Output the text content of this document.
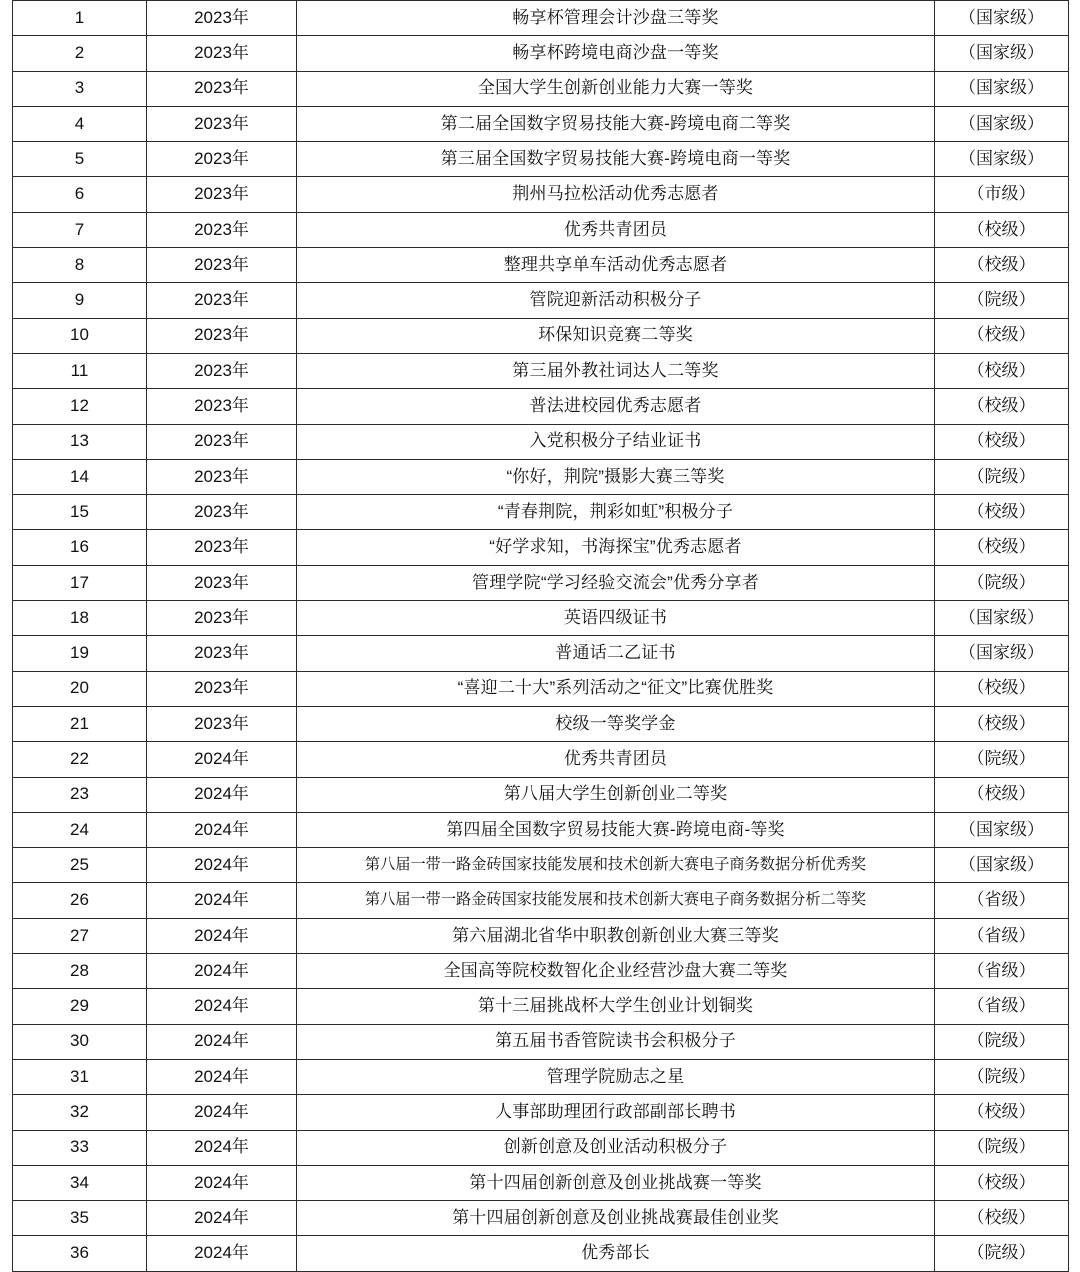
1	2023年	畅享杯管理会计沙盘三等奖	（国家级）
2	2023年	畅享杯跨境电商沙盘一等奖	（国家级）
3	2023年	全国大学生创新创业能力大赛一等奖	（国家级）
4	2023年	第二届全国数字贸易技能大赛-跨境电商二等奖	（国家级）
5	2023年	第三届全国数字贸易技能大赛-跨境电商一等奖	（国家级）
6	2023年	荆州马拉松活动优秀志愿者	（市级）
7	2023年	优秀共青团员	（校级）
8	2023年	整理共享单车活动优秀志愿者	（校级）
9	2023年	管院迎新活动积极分子	（院级）
10	2023年	环保知识竞赛二等奖	（校级）
11	2023年	第三届外教社词达人二等奖	（校级）
12	2023年	普法进校园优秀志愿者	（校级）
13	2023年	入党积极分子结业证书	（校级）
14	2023年	“你好，荆院”摄影大赛三等奖	（院级）
15	2023年	“青春荆院，荆彩如虹”积极分子	（校级）
16	2023年	“好学求知，书海探宝”优秀志愿者	（校级）
17	2023年	管理学院“学习经验交流会”优秀分享者	（院级）
18	2023年	英语四级证书	（国家级）
19	2023年	普通话二乙证书	（国家级）
20	2023年	“喜迎二十大”系列活动之“征文”比赛优胜奖	（校级）
21	2023年	校级一等奖学金	（校级）
22	2024年	优秀共青团员	（院级）
23	2024年	第八届大学生创新创业二等奖	（校级）
24	2024年	第四届全国数字贸易技能大赛-跨境电商-等奖	（国家级）
25	2024年	第八届一带一路金砖国家技能发展和技术创新大赛电子商务数据分析优秀奖	（国家级）
26	2024年	第八届一带一路金砖国家技能发展和技术创新大赛电子商务数据分析二等奖	（省级）
27	2024年	第六届湖北省华中职教创新创业大赛三等奖	（省级）
28	2024年	全国高等院校数智化企业经营沙盘大赛二等奖	（省级）
29	2024年	第十三届挑战杯大学生创业计划铜奖	（省级）
30	2024年	第五届书香管院读书会积极分子	（院级）
31	2024年	管理学院励志之星	（院级）
32	2024年	人事部助理团行政部副部长聘书	（校级）
33	2024年	创新创意及创业活动积极分子	（院级）
34	2024年	第十四届创新创意及创业挑战赛一等奖	（校级）
35	2024年	第十四届创新创意及创业挑战赛最佳创业奖	（校级）
36	2024年	优秀部长	（院级）
